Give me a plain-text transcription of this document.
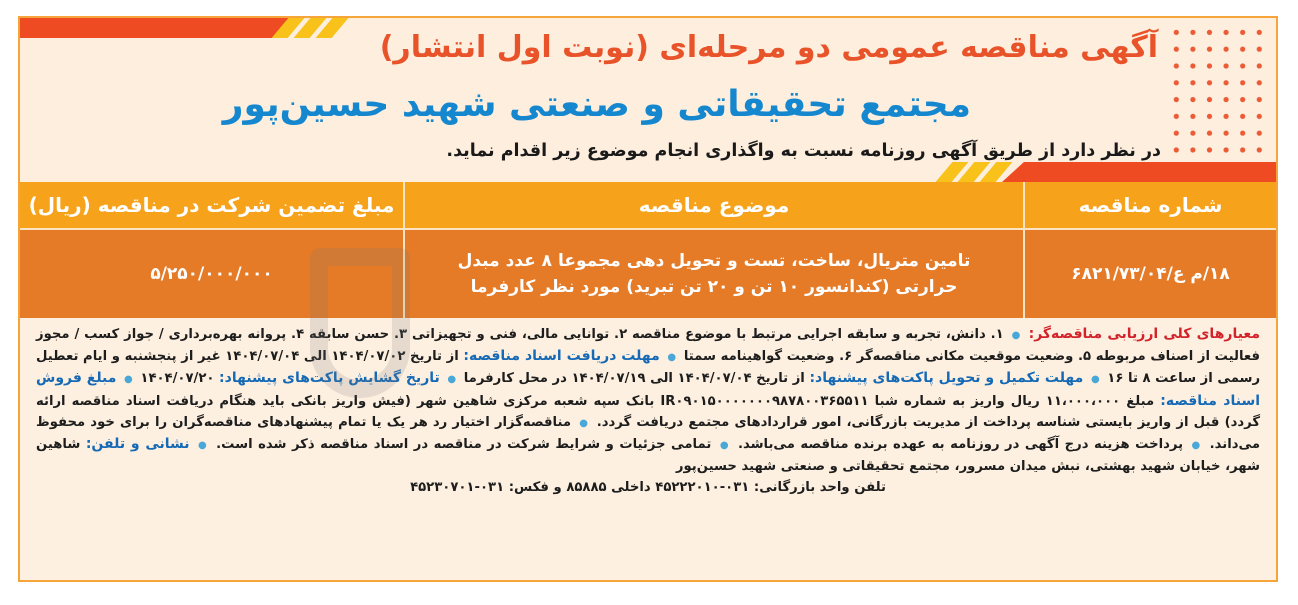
آگهی مناقصه عمومی دو مرحله‌ای (نوبت اول انتشار)
مجتمع تحقیقاتی و صنعتی شهید حسین‌پور
در نظر دارد از طریق آگهی روزنامه نسبت به واگذاری انجام موضوع زیر اقدام نماید.
شماره مناقصه
موضوع مناقصه
مبلغ تضمین شرکت در مناقصه (ریال)
۱۸/م ع/۶۸۲۱/۷۳/۰۴
تامین متریال، ساخت، تست و تحویل دهی مجموعا ۸ عدد مبدل حرارتی (کندانسور ۱۰ تن و ۲۰ تن تبرید) مورد نظر کارفرما
۵/۲۵۰/۰۰۰/۰۰۰

معیارهای کلی ارزیابی مناقصه‌گر: ● ۱. دانش، تجربه و سابقه اجرایی مرتبط با موضوع مناقصه ۲. توانایی مالی، فنی و تجهیزاتی ۳. حسن سابقه ۴. پروانه بهره‌برداری / جواز کسب / مجوز فعالیت از اصناف مربوطه ۵. وضعیت موقعیت مکانی مناقصه‌گر ۶. وضعیت گواهینامه سمتا ● مهلت دریافت اسناد مناقصه: از تاریخ ۱۴۰۴/۰۷/۰۲ الی ۱۴۰۴/۰۷/۰۴ غیر از پنجشنبه و ایام تعطیل رسمی از ساعت ۸ تا ۱۶ ● مهلت تکمیل و تحویل پاکت‌های پیشنهاد: از تاریخ ۱۴۰۴/۰۷/۰۴ الی ۱۴۰۴/۰۷/۱۹ در محل کارفرما ● تاریخ گشایش پاکت‌های پیشنهاد: ۱۴۰۴/۰۷/۲۰ ● مبلغ فروش اسناد مناقصه: مبلغ ۱۱،۰۰۰،۰۰۰ ریال واریز به شماره شبا IR۰۹۰۱۵۰۰۰۰۰۰۰۹۸۷۸۰۰۳۶۵۵۱۱ بانک سپه شعبه مرکزی شاهین شهر (فیش واریز بانکی باید هنگام دریافت اسناد مناقصه ارائه گردد) قبل از واریز بایستی شناسه پرداخت از مدیریت بازرگانی، امور قراردادهای مجتمع دریافت گردد. ● مناقصه‌گزار اختیار رد هر یک یا تمام پیشنهادهای مناقصه‌گران را برای خود محفوظ می‌داند. ● پرداخت هزینه درج آگهی در روزنامه به عهده برنده مناقصه می‌باشد. ● تمامی جزئیات و شرایط شرکت در مناقصه در اسناد مناقصه ذکر شده است. ● نشانی و تلفن: شاهین شهر، خیابان شهید بهشتی، نبش میدان مسرور، مجتمع تحقیقاتی و صنعتی شهید حسین‌پور

تلفن واحد بازرگانی: ۰۳۱-۴۵۲۲۲۰۱۰ داخلی ۸۵۸۸۵ و فکس: ۰۳۱-۴۵۲۳۰۷۰۱
